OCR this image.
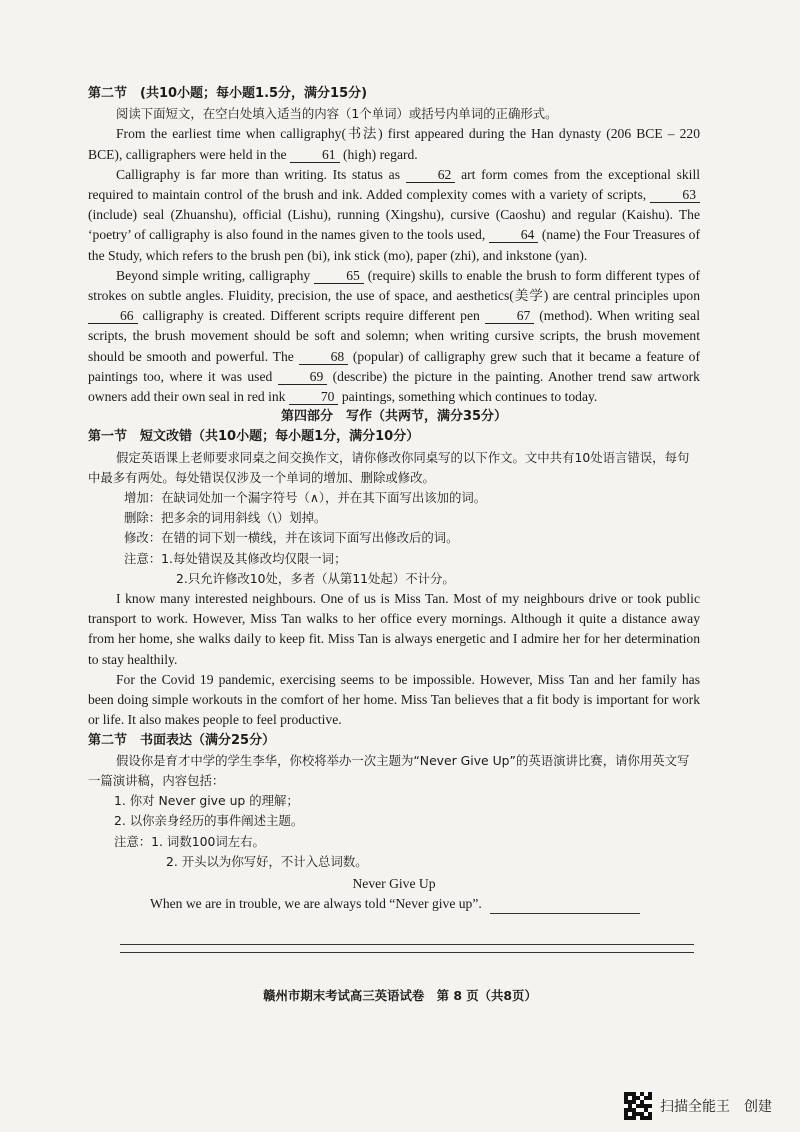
第二节　(共10小题；每小题1.5分，满分15分)
阅读下面短文，在空白处填入适当的内容（1个单词）或括号内单词的正确形式。

From the earliest time when calligraphy(书法) first appeared during the Han dynasty (206 BCE – 220 BCE), calligraphers were held in the	61 (high) regard.

Calligraphy is far more than writing. Its status as	62 art form comes from the exceptional skill required to maintain control of the brush and ink. Added complexity comes with a variety of scripts,	63 (include) seal (Zhuanshu), official (Lishu), running (Xingshu), cursive (Caoshu) and regular (Kaishu). The ‘poetry’ of calligraphy is also found in the names given to the tools used,	64 (name) the Four Treasures of the Study, which refers to the brush pen (bi), ink stick (mo), paper (zhi), and inkstone (yan).

Beyond simple writing, calligraphy	65 (require) skills to enable the brush to form different types of strokes on subtle angles. Fluidity, precision, the use of space, and aesthetics(美学) are central principles upon 66 calligraphy is created. Different scripts require different pen	67 (method). When writing seal scripts, the brush movement should be soft and solemn; when writing cursive scripts, the brush movement should be smooth and powerful. The	68 (popular) of calligraphy grew such that it became a feature of paintings too, where it was used	69 (describe) the picture in the painting. Another trend saw artwork owners add their own seal in red ink	70 paintings, something which continues to today.

第四部分　写作（共两节，满分35分）
第一节　短文改错（共10小题；每小题1分，满分10分）
假定英语课上老师要求同桌之间交换作文，请你修改你同桌写的以下作文。文中共有10处语言错误，每句中最多有两处。每处错误仅涉及一个单词的增加、删除或修改。
增加：在缺词处加一个漏字符号（∧），并在其下面写出该加的词。
删除：把多余的词用斜线（\）划掉。
修改：在错的词下划一横线，并在该词下面写出修改后的词。
注意：1.每处错误及其修改均仅限一词；
2.只允许修改10处，多者（从第11处起）不计分。

I know many interested neighbours. One of us is Miss Tan. Most of my neighbours drive or took public transport to work. However, Miss Tan walks to her office every mornings. Although it quite a distance away from her home, she walks daily to keep fit. Miss Tan is always energetic and I admire her for her determination to stay healthily.

For the Covid 19 pandemic, exercising seems to be impossible. However, Miss Tan and her family has been doing simple workouts in the comfort of her home. Miss Tan believes that a fit body is important for work or life. It also makes people to feel productive.

第二节　书面表达（满分25分）
假设你是育才中学的学生李华，你校将举办一次主题为“Never Give Up”的英语演讲比赛，请你用英文写一篇演讲稿，内容包括：
1. 你对 Never give up 的理解；
2. 以你亲身经历的事件阐述主题。
注意：1. 词数100词左右。
2. 开头以为你写好，不计入总词数。
Never Give Up
When we are in trouble, we are always told “Never give up”.
赣州市期末考试高三英语试卷　第 8 页（共8页）
扫描全能王　创建
